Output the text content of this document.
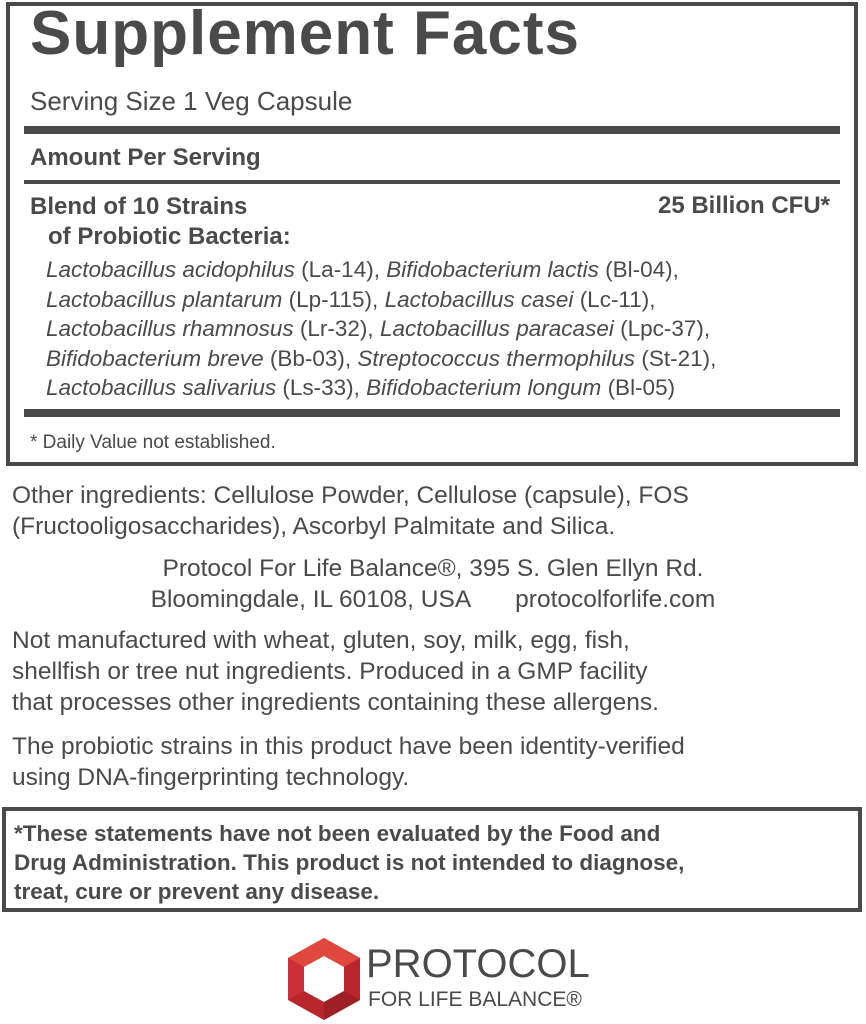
Supplement Facts
Serving Size 1 Veg Capsule
Amount Per Serving
Blend of 10 Strains
of Probiotic Bacteria:
25 Billion CFU*
Lactobacillus acidophilus (La-14), Bifidobacterium lactis (Bl-04),
Lactobacillus plantarum (Lp-115), Lactobacillus casei (Lc-11),
Lactobacillus rhamnosus (Lr-32), Lactobacillus paracasei (Lpc-37),
Bifidobacterium breve (Bb-03), Streptococcus thermophilus (St-21),
Lactobacillus salivarius (Ls-33), Bifidobacterium longum (Bl-05)
* Daily Value not established.
Other ingredients: Cellulose Powder, Cellulose (capsule), FOS
(Fructooligosaccharides), Ascorbyl Palmitate and Silica.
Protocol For Life Balance®, 395 S. Glen Ellyn Rd.
Bloomingdale, IL 60108, USA protocolforlife.com
Not manufactured with wheat, gluten, soy, milk, egg, fish,
shellfish or tree nut ingredients. Produced in a GMP facility
that processes other ingredients containing these allergens.
The probiotic strains in this product have been identity-verified
using DNA-fingerprinting technology.
*These statements have not been evaluated by the Food and
Drug Administration. This product is not intended to diagnose,
treat, cure or prevent any disease.
PROTOCOL
FOR LIFE BALANCE®
